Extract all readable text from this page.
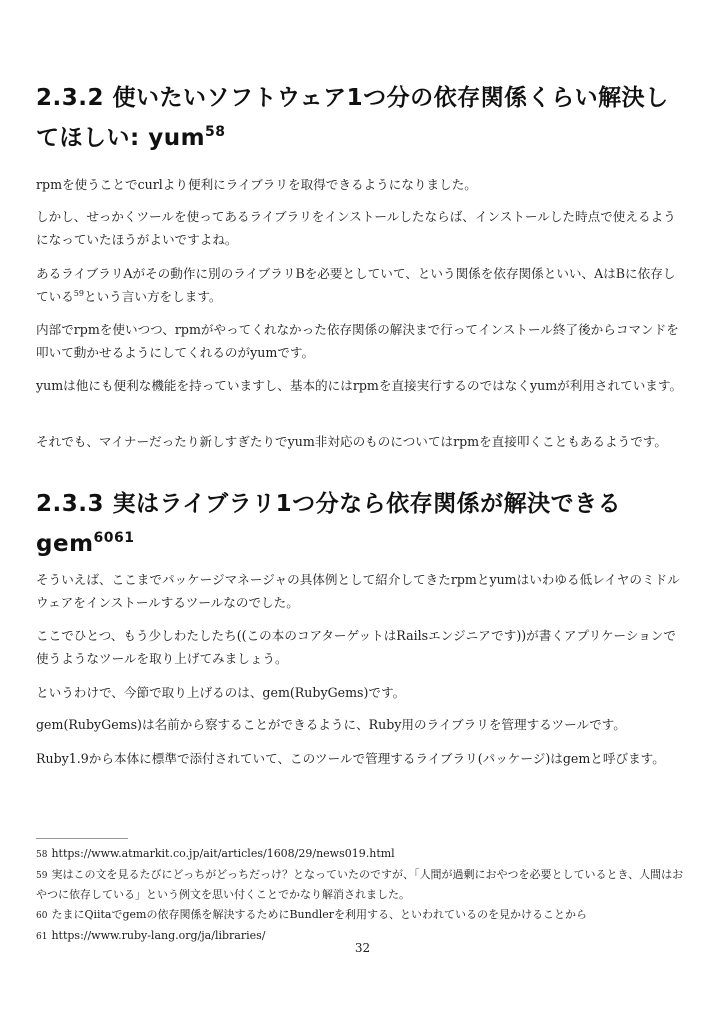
2.3.2 使いたいソフトウェア1つ分の依存関係くらい解決し
てほしい: yum$^{58}$
rpmを使うことでcurlより便利にライブラリを取得できるようになりました。
しかし、せっかくツールを使ってあるライブラリをインストールしたならば、インストールした時点で使えるようになっていたほうがよいですよね。
あるライブラリAがその動作に別のライブラリBを必要としていて、という関係を依存関係といい、AはBに依存している$^{59}$という言い方をします。
内部でrpmを使いつつ、rpmがやってくれなかった依存関係の解決まで行ってインストール終了後からコマンドを叩いて動かせるようにしてくれるのがyumです。
yumは他にも便利な機能を持っていますし、基本的にはrpmを直接実行するのではなくyumが利用されています。
それでも、マイナーだったり新しすぎたりでyum非対応のものについてはrpmを直接叩くこともあるようです。
2.3.3 実はライブラリ1つ分なら依存関係が解決できる
gem$^{6061}$
そういえば、ここまでパッケージマネージャの具体例として紹介してきたrpmとyumはいわゆる低レイヤのミドルウェアをインストールするツールなのでした。
ここでひとつ、もう少しわたしたち((この本のコアターゲットはRailsエンジニアです))が書くアプリケーションで使うようなツールを取り上げてみましょう。
というわけで、今節で取り上げるのは、gem(RubyGems)です。
gem(RubyGems)は名前から察することができるように、Ruby用のライブラリを管理するツールです。
Ruby1.9から本体に標準で添付されていて、このツールで管理するライブラリ(パッケージ)はgemと呼びます。
58 https://www.atmarkit.co.jp/ait/articles/1608/29/news019.html
59 実はこの文を見るたびにどっちがどっちだっけ？となっていたのですが、「人間が過剰におやつを必要としているとき、人間はおやつに依存している」という例文を思い付くことでかなり解消されました。
60 たまにQiitaでgemの依存関係を解決するためにBundlerを利用する、といわれているのを見かけることから
61 https://www.ruby-lang.org/ja/libraries/
32
